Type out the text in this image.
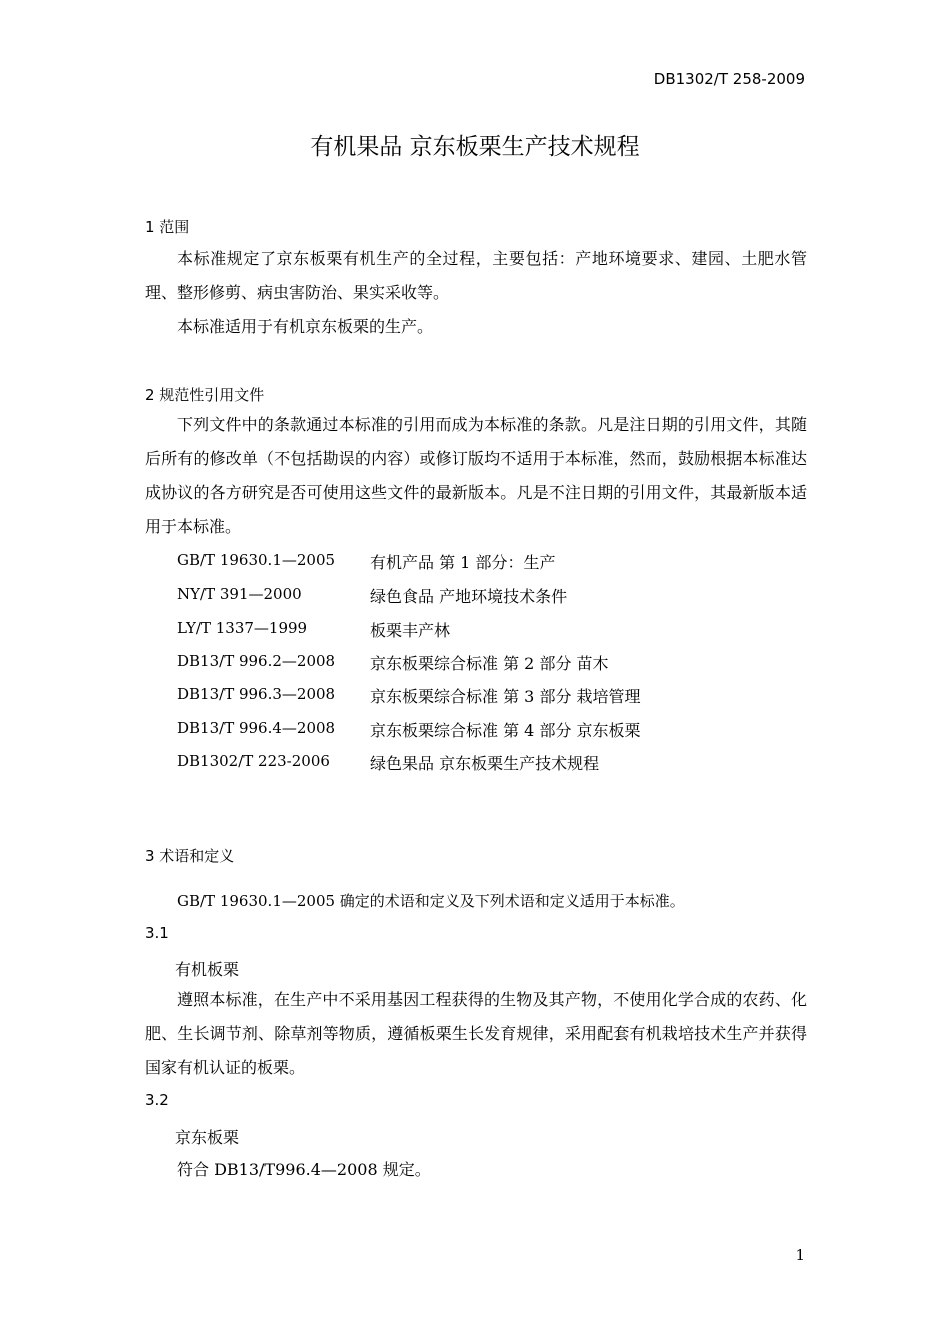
DB1302/T 258-2009
有机果品 京东板栗生产技术规程
1 范围
本标准规定了京东板栗有机生产的全过程，主要包括：产地环境要求、建园、土肥水管理、整形修剪、病虫害防治、果实采收等。
本标准适用于有机京东板栗的生产。
2 规范性引用文件
下列文件中的条款通过本标准的引用而成为本标准的条款。凡是注日期的引用文件，其随后所有的修改单（不包括勘误的内容）或修订版均不适用于本标准，然而，鼓励根据本标准达成协议的各方研究是否可使用这些文件的最新版本。凡是不注日期的引用文件，其最新版本适用于本标准。
GB/T 19630.1—2005 有机产品 第 1 部分：生产
NY/T 391—2000	绿色食品 产地环境技术条件
LY/T 1337—1999	板栗丰产林
DB13/T 996.2—2008 京东板栗综合标准 第 2 部分 苗木
DB13/T 996.3—2008 京东板栗综合标准 第 3 部分 栽培管理
DB13/T 996.4—2008 京东板栗综合标准 第 4 部分 京东板栗
DB1302/T 223-2006	绿色果品 京东板栗生产技术规程
3 术语和定义
GB/T 19630.1—2005 确定的术语和定义及下列术语和定义适用于本标准。
3.1
有机板栗
遵照本标准，在生产中不采用基因工程获得的生物及其产物，不使用化学合成的农药、化肥、生长调节剂、除草剂等物质，遵循板栗生长发育规律，采用配套有机栽培技术生产并获得国家有机认证的板栗。
3.2
京东板栗
符合 DB13/T996.4—2008 规定。
1
